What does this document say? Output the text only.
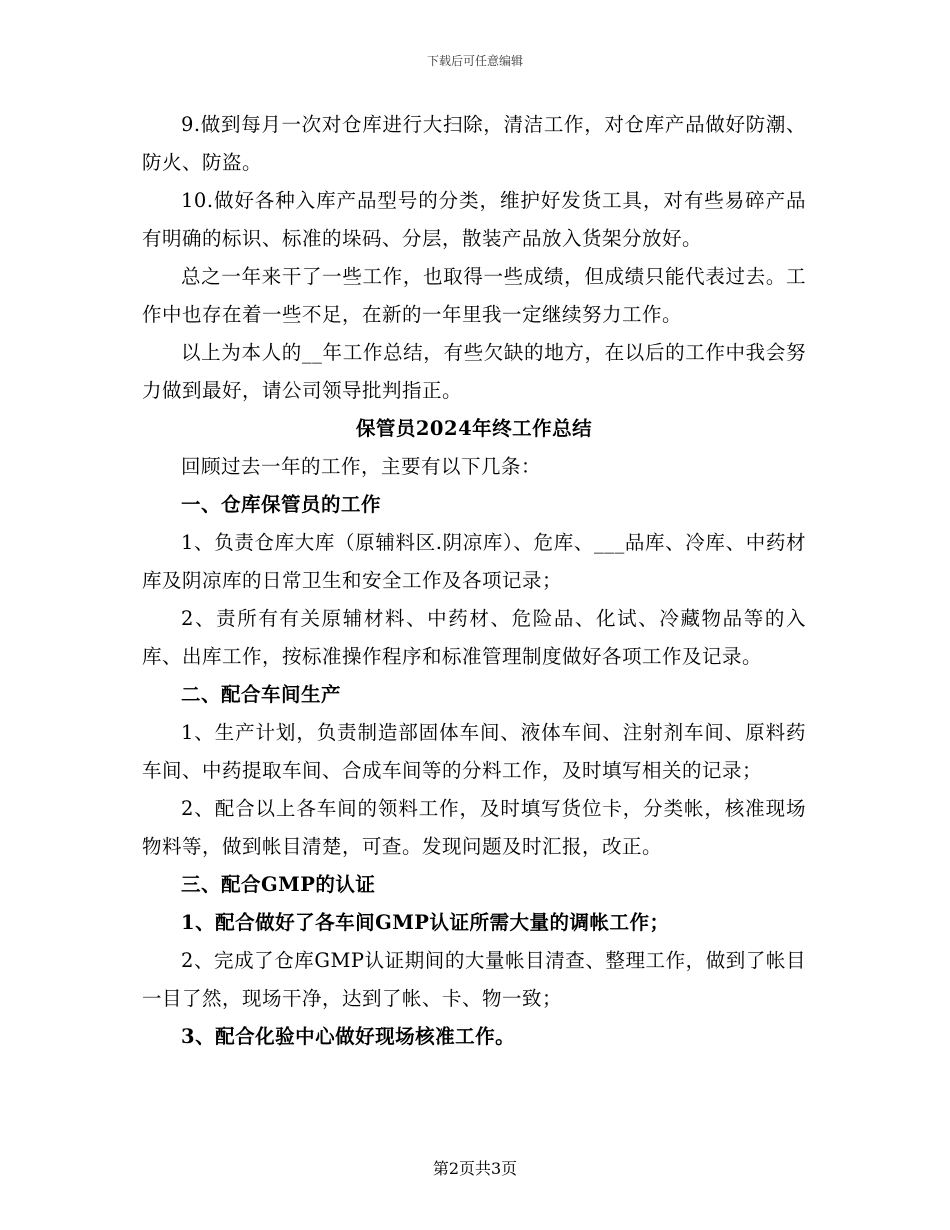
下载后可任意编辑

9.做到每月一次对仓库进行大扫除，清洁工作，对仓库产品做好防潮、防火、防盗。

10.做好各种入库产品型号的分类，维护好发货工具，对有些易碎产品有明确的标识、标准的垛码、分层，散装产品放入货架分放好。

总之一年来干了一些工作，也取得一些成绩，但成绩只能代表过去。工作中也存在着一些不足，在新的一年里我一定继续努力工作。

以上为本人的__年工作总结，有些欠缺的地方，在以后的工作中我会努力做到最好，请公司领导批判指正。

保管员2024年终工作总结

回顾过去一年的工作，主要有以下几条：

一、仓库保管员的工作

1、负责仓库大库（原辅料区.阴凉库）、危库、___品库、冷库、中药材库及阴凉库的日常卫生和安全工作及各项记录；

2、责所有有关原辅材料、中药材、危险品、化试、冷藏物品等的入库、出库工作，按标准操作程序和标准管理制度做好各项工作及记录。

二、配合车间生产

1、生产计划，负责制造部固体车间、液体车间、注射剂车间、原料药车间、中药提取车间、合成车间等的分料工作，及时填写相关的记录；

2、配合以上各车间的领料工作，及时填写货位卡，分类帐，核准现场物料等，做到帐目清楚，可查。发现问题及时汇报，改正。

三、配合GMP的认证

1、配合做好了各车间GMP认证所需大量的调帐工作；

2、完成了仓库GMP认证期间的大量帐目清查、整理工作，做到了帐目一目了然，现场干净，达到了帐、卡、物一致；

3、配合化验中心做好现场核准工作。

第2页共3页
